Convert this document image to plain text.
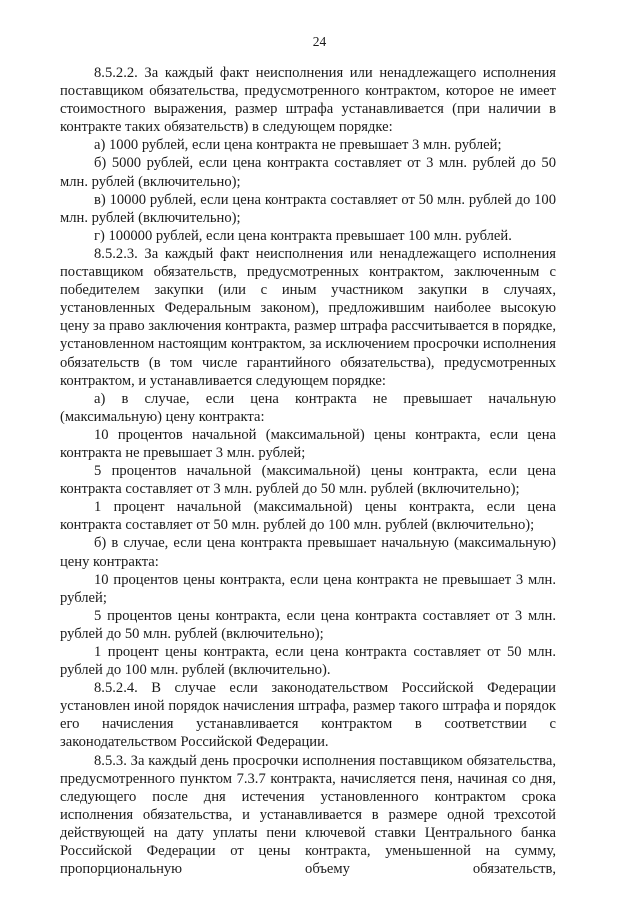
24

8.5.2.2. За каждый факт неисполнения или ненадлежащего исполнения поставщиком обязательства, предусмотренного контрактом, которое не имеет стоимостного выражения, размер штрафа устанавливается (при наличии в контракте таких обязательств) в следующем порядке:

а) 1000 рублей, если цена контракта не превышает 3 млн. рублей;

б) 5000 рублей, если цена контракта составляет от 3 млн. рублей до 50 млн. рублей (включительно);

в) 10000 рублей, если цена контракта составляет от 50 млн. рублей до 100 млн. рублей (включительно);

г) 100000 рублей, если цена контракта превышает 100 млн. рублей.

8.5.2.3. За каждый факт неисполнения или ненадлежащего исполнения поставщиком обязательств, предусмотренных контрактом, заключенным с победителем закупки (или с иным участником закупки в случаях, установленных Федеральным законом), предложившим наиболее высокую цену за право заключения контракта, размер штрафа рассчитывается в порядке, установленном настоящим контрактом, за исключением просрочки исполнения обязательств (в том числе гарантийного обязательства), предусмотренных контрактом, и устанавливается следующем порядке:

а) в случае, если цена контракта не превышает начальную (максимальную) цену контракта:

10 процентов начальной (максимальной) цены контракта, если цена контракта не превышает 3 млн. рублей;

5 процентов начальной (максимальной) цены контракта, если цена контракта составляет от 3 млн. рублей до 50 млн. рублей (включительно);

1 процент начальной (максимальной) цены контракта, если цена контракта составляет от 50 млн. рублей до 100 млн. рублей (включительно);

б) в случае, если цена контракта превышает начальную (максимальную) цену контракта:

10 процентов цены контракта, если цена контракта не превышает 3 млн. рублей;

5 процентов цены контракта, если цена контракта составляет от 3 млн. рублей до 50 млн. рублей (включительно);

1 процент цены контракта, если цена контракта составляет от 50 млн. рублей до 100 млн. рублей (включительно).

8.5.2.4. В случае если законодательством Российской Федерации установлен иной порядок начисления штрафа, размер такого штрафа и порядок его начисления устанавливается контрактом в соответствии с законодательством Российской Федерации.

8.5.3. За каждый день просрочки исполнения поставщиком обязательства, предусмотренного пунктом 7.3.7 контракта, начисляется пеня, начиная со дня, следующего после дня истечения установленного контрактом срока исполнения обязательства, и устанавливается в размере одной трехсотой действующей на дату уплаты пени ключевой ставки Центрального банка Российской Федерации от цены контракта, уменьшенной на сумму, пропорциональную объему обязательств,
